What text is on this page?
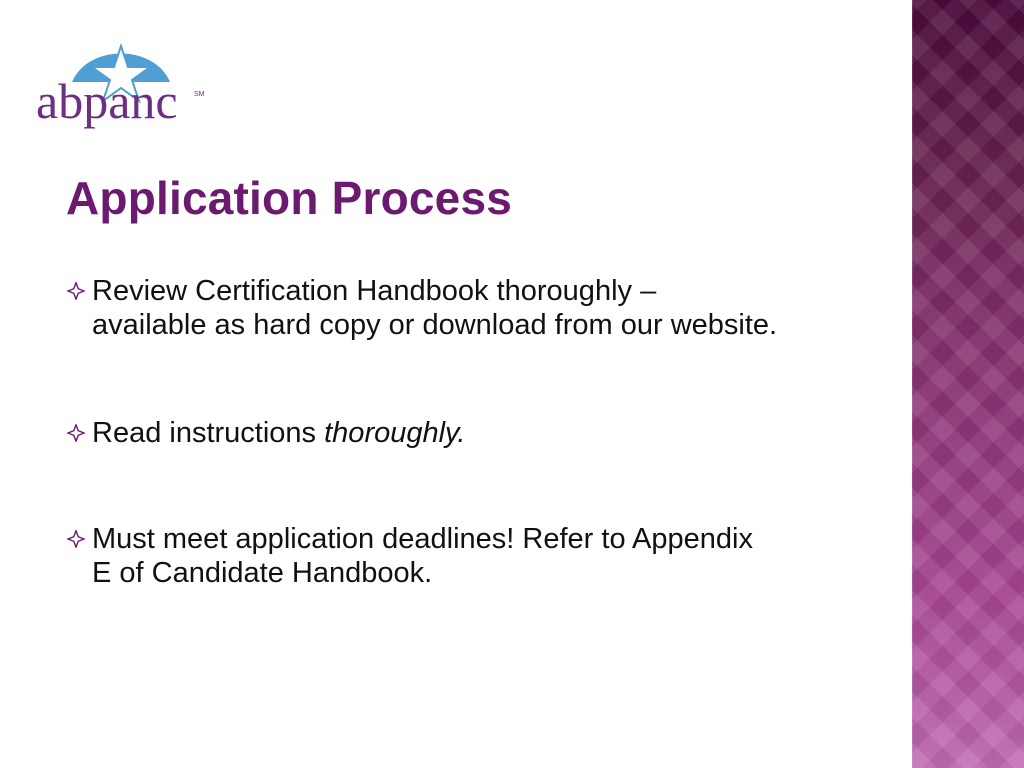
abpanc SM
Application Process
Review Certification Handbook thoroughly –
available as hard copy or download from our website.
Read instructions thoroughly.
Must meet application deadlines! Refer to Appendix
E of Candidate Handbook.
